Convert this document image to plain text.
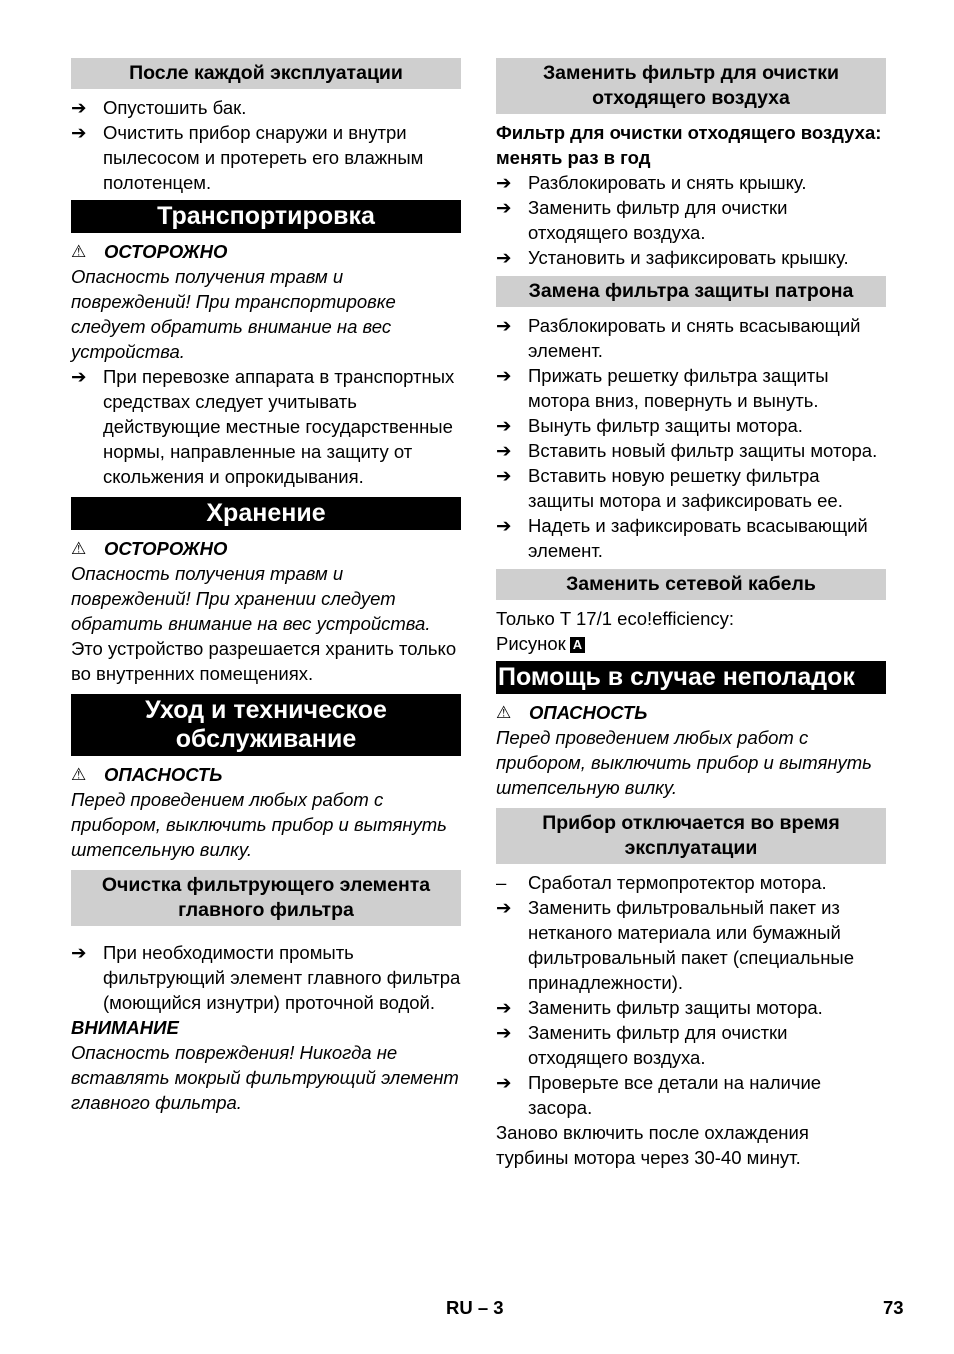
После каждой эксплуатации
➔ Опустошить бак.
➔ Очистить прибор снаружи и внутри пылесосом и протереть его влажным полотенцем.
Транспортировка
⚠ ОСТОРОЖНО

Опасность получения травм и повреждений! При транспортировке следует обратить внимание на вес устройства.

➔ При перевозке аппарата в транспортных средствах следует учитывать действующие местные государственные нормы, направленные на защиту от скольжения и опрокидывания.
Хранение
⚠ ОСТОРОЖНО

Опасность получения травм и повреждений! При хранении следует обратить внимание на вес устройства.

Это устройство разрешается хранить только во внутренних помещениях.

Уход и техническое обслуживание
⚠ ОПАСНОСТЬ

Перед проведением любых работ с прибором, выключить прибор и вытянуть штепсельную вилку.

Очистка фильтрующего элемента главного фильтра
➔ При необходимости промыть фильтрующий элемент главного фильтра (моющийся изнутри) проточной водой.
ВНИМАНИЕ

Опасность повреждения! Никогда не вставлять мокрый фильтрующий элемент главного фильтра.

Заменить фильтр для очистки отходящего воздуха

Фильтр для очистки отходящего воздуха: менять раз в год

➔ Разблокировать и снять крышку.
➔ Заменить фильтр для очистки отходящего воздуха.
➔ Установить и зафиксировать крышку.
Замена фильтра защиты патрона
➔ Разблокировать и снять всасывающий элемент.
➔ Прижать решетку фильтра защиты мотора вниз, повернуть и вынуть.
➔ Вынуть фильтр защиты мотора.
➔ Вставить новый фильтр защиты мотора.
➔ Вставить новую решетку фильтра защиты мотора и зафиксировать ее.
➔ Надеть и зафиксировать всасывающий элемент.
Заменить сетевой кабель

Только T 17/1 eco!efficiency:

Рисунок A

Помощь в случае неполадок
⚠ ОПАСНОСТЬ

Перед проведением любых работ с прибором, выключить прибор и вытянуть штепсельную вилку.

Прибор отключается во время эксплуатации
–	Сработал термопротектор мотора.
➔ Заменить фильтровальный пакет из нетканого материала или бумажный фильтровальный пакет (специальные принадлежности).
➔ Заменить фильтр защиты мотора.
➔ Заменить фильтр для очистки отходящего воздуха.
➔ Проверьте все детали на наличие засора.

Заново включить после охлаждения турбины мотора через 30-40 минут.

RU – 3	73
